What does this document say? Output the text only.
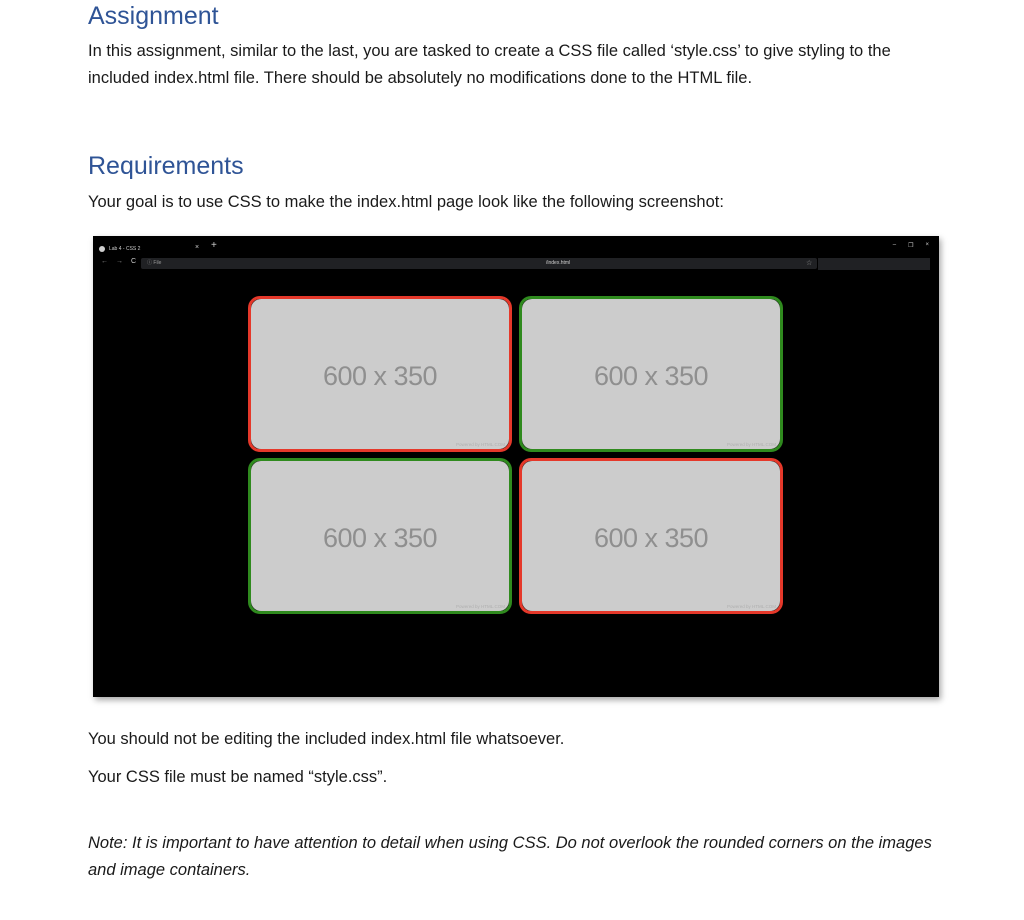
Assignment

In this assignment, similar to the last, you are tasked to create a CSS file called ‘style.css’ to give styling to the included index.html file. There should be absolutely no modifications done to the HTML file.

Requirements

Your goal is to use CSS to make the index.html page look like the following screenshot:

Lab 4 - CSS 2	× +	– ❐ ×
← → C ⓘ File	/index.html	☆
600 x 350
Powered by HTML.COM
600 x 350
Powered by HTML.COM
600 x 350
Powered by HTML.COM
600 x 350
Powered by HTML.COM

You should not be editing the included index.html file whatsoever.

Your CSS file must be named “style.css”.

Note: It is important to have attention to detail when using CSS. Do not overlook the rounded corners on the images and image containers.
